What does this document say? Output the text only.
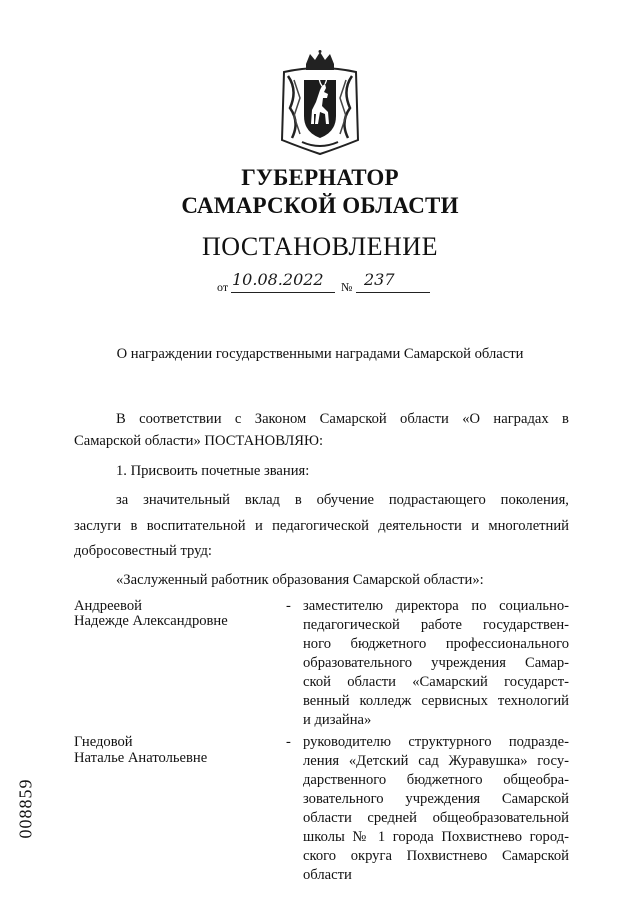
ГУБЕРНАТОР
САМАРСКОЙ ОБЛАСТИ
ПОСТАНОВЛЕНИЕ
от 10.08.2022 № 237
О награждении государственными наградами Самарской области
В соответствии с Законом Самарской области «О наградах в
Самарской области» ПОСТАНОВЛЯЮ:
1. Присвоить почетные звания:
за значительный вклад в обучение подрастающего поколения,
заслуги в воспитательной и педагогической деятельности и многолетний
добросовестный труд:
«Заслуженный работник образования Самарской области»:
Андреевой
Надежде Александровне
- заместителю директора по социально-
педагогической работе государствен-
ного бюджетного профессионального
образовательного учреждения Самар-
ской области «Самарский государст-
венный колледж сервисных технологий
и дизайна»
Гнедовой
Наталье Анатольевне
- руководителю структурного подразде-
ления «Детский сад Журавушка» госу-
дарственного бюджетного общеобра-
зовательного учреждения Самарской
области средней общеобразовательной
школы № 1 города Похвистнево город-
ского округа Похвистнево Самарской
области
008859
